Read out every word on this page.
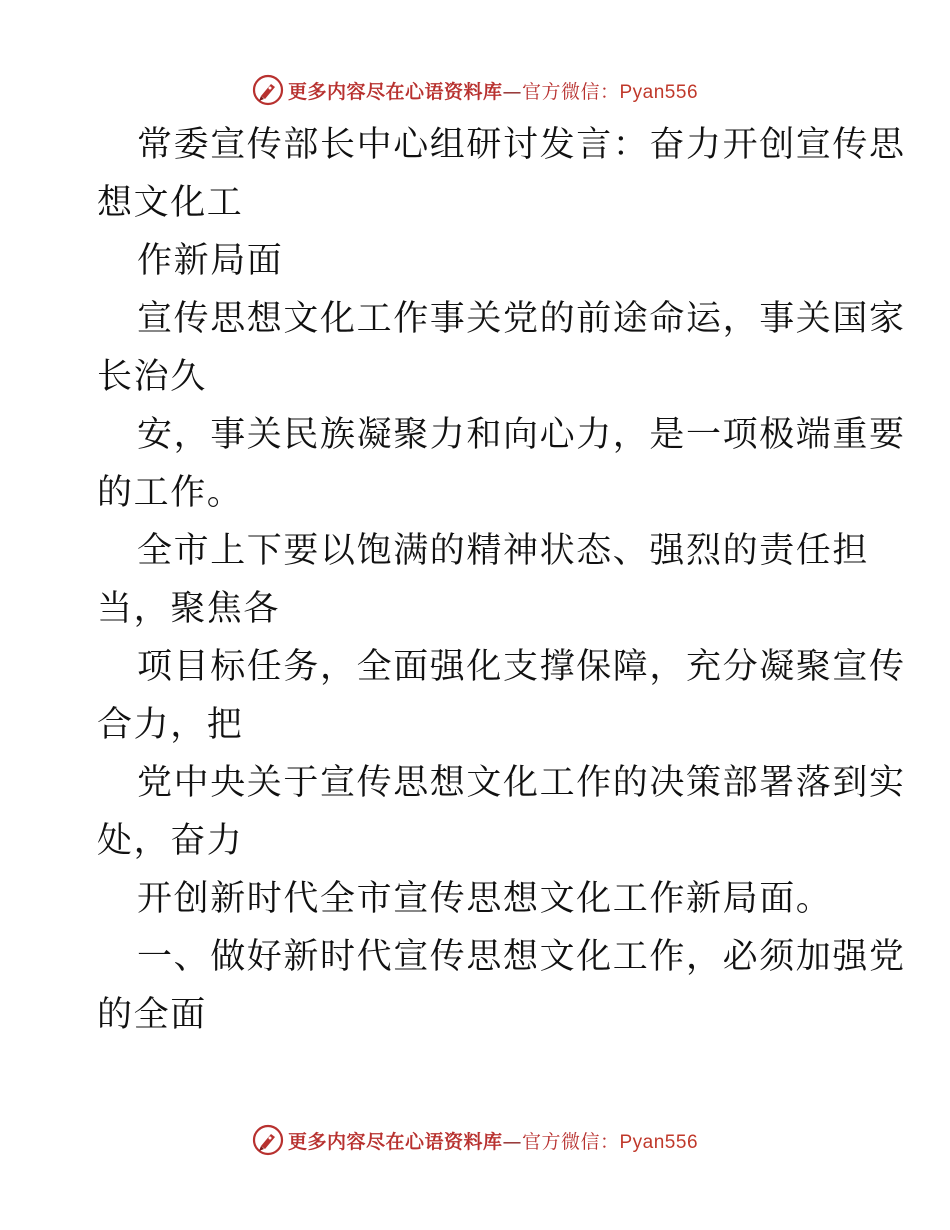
更多内容尽在心语资料库—官方微信：Pyan556
常委宣传部长中心组研讨发言：奋力开创宣传思
想文化工
作新局面
宣传思想文化工作事关党的前途命运，事关国家
长治久
安，事关民族凝聚力和向心力，是一项极端重要
的工作。
全市上下要以饱满的精神状态、强烈的责任担
当，聚焦各
项目标任务，全面强化支撑保障，充分凝聚宣传
合力，把
党中央关于宣传思想文化工作的决策部署落到实
处，奋力
开创新时代全市宣传思想文化工作新局面。
一、做好新时代宣传思想文化工作，必须加强党
的全面
更多内容尽在心语资料库—官方微信：Pyan556
